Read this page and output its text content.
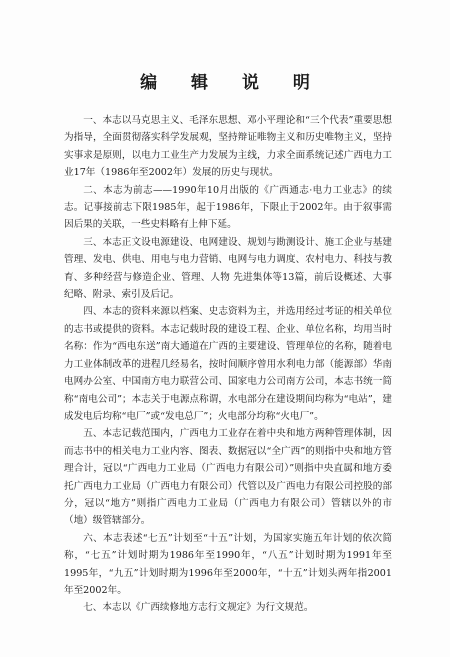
编 辑 说 明

一、本志以马克思主义、毛泽东思想、邓小平理论和“三个代表”重要思想为指导，全面贯彻落实科学发展观，坚持辩证唯物主义和历史唯物主义，坚持实事求是原则，以电力工业生产力发展为主线，力求全面系统记述广西电力工业17年（1986年至2002年）发展的历史与现状。

二、本志为前志——1990年10月出版的《广西通志·电力工业志》的续志。记事接前志下限1985年，起于1986年，下限止于2002年。由于叙事需因后果的关联，一些史料略有上伸下延。

三、本志正文设电源建设、电网建设、规划与勘测设计、施工企业与基建管理、发电、供电、用电与电力营销、电网与电力调度、农村电力、科技与教育、多种经营与修造企业、管理、人物 先进集体等13篇，前后设概述、大事纪略、附录、索引及后记。

四、本志的资料来源以档案、史志资料为主，并选用经过考证的相关单位的志书或提供的资料。本志记载时段的建设工程、企业、单位名称，均用当时名称：作为“西电东送”南大通道在广西的主要建设、管理单位的名称，随着电力工业体制改革的进程几经易名，按时间顺序曾用水利电力部（能源部）华南电网办公室、中国南方电力联营公司、国家电力公司南方公司，本志书统一简称“南电公司”；本志关于电源点称谓，水电部分在建设期间均称为“电站”，建成发电后均称“电厂”或“发电总厂”；火电部分均称“火电厂”。

五、本志记载范围内，广西电力工业存在着中央和地方两种管理体制，因而志书中的相关电力工业内容、图表、数据冠以“全广西”的则指中央和地方管理合计，冠以“广西电力工业局（广西电力有限公司）”则指中央直属和地方委托广西电力工业局（广西电力有限公司）代管以及广西电力有限公司控股的部分，冠以“地方”则指广西电力工业局（广西电力有限公司）管辖以外的市（地）级管辖部分。

六、本志表述“七五”计划至“十五”计划，为国家实施五年计划的依次简称，“七五”计划时期为1986年至1990年，“八五”计划时期为1991年至1995年，“九五”计划时期为1996年至2000年，“十五”计划头两年指2001年至2002年。

七、本志以《广西续修地方志行文规定》为行文规范。
